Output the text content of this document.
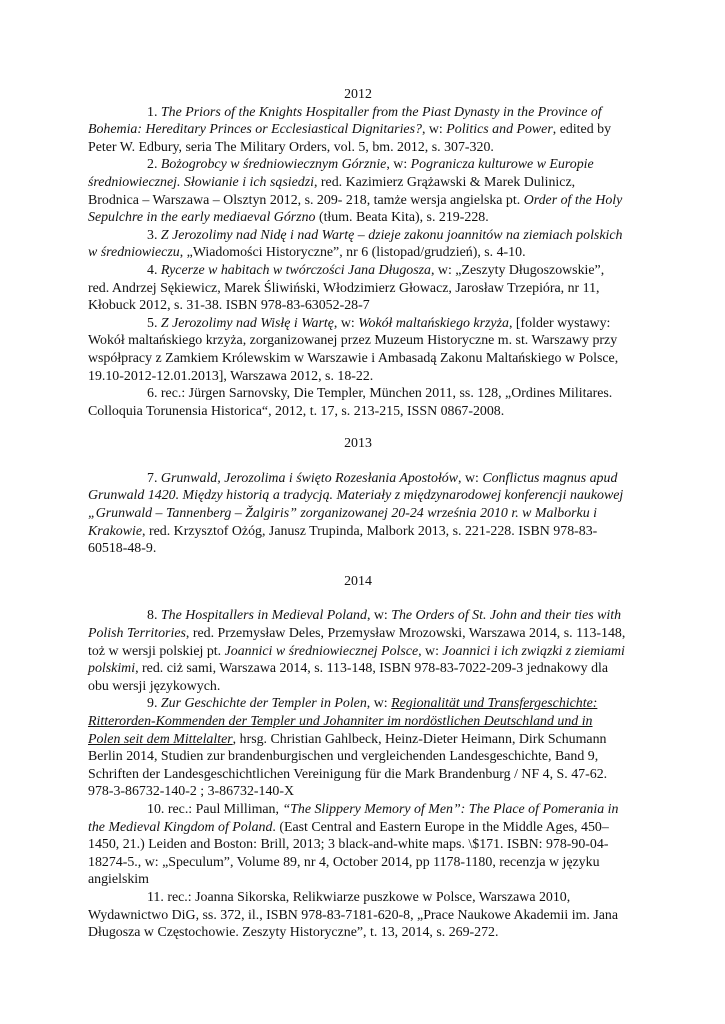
2012

1. The Priors of the Knights Hospitaller from the Piast Dynasty in the Province of Bohemia: Hereditary Princes or Ecclesiastical Dignitaries?, w: Politics and Power, edited by Peter W. Edbury, seria The Military Orders, vol. 5, bm. 2012, s. 307-320.

2. Bożogrobcy w średniowiecznym Górznie, w: Pogranicza kulturowe w Europie średniowiecznej. Słowianie i ich sąsiedzi, red. Kazimierz Grążawski & Marek Dulinicz, Brodnica – Warszawa – Olsztyn 2012, s. 209- 218, tamże wersja angielska pt. Order of the Holy Sepulchre in the early mediaeval Górzno (tłum. Beata Kita), s. 219-228.

3. Z Jerozolimy nad Nidę i nad Wartę – dzieje zakonu joannitów na ziemiach polskich w średniowieczu, „Wiadomości Historyczne”, nr 6 (listopad/grudzień), s. 4-10.

4. Rycerze w habitach w twórczości Jana Długosza, w: „Zeszyty Długoszowskie”, red. Andrzej Sękiewicz, Marek Śliwiński, Włodzimierz Głowacz, Jarosław Trzepióra, nr 11, Kłobuck 2012, s. 31-38. ISBN 978-83-63052-28-7

5. Z Jerozolimy nad Wisłę i Wartę, w: Wokół maltańskiego krzyża, [folder wystawy: Wokół maltańskiego krzyża, zorganizowanej przez Muzeum Historyczne m. st. Warszawy przy współpracy z Zamkiem Królewskim w Warszawie i Ambasadą Zakonu Maltańskiego w Polsce, 19.10-2012-12.01.2013], Warszawa 2012, s. 18-22.

6. rec.: Jürgen Sarnovsky, Die Templer, München 2011, ss. 128, „Ordines Militares. Colloquia Torunensia Historica“, 2012, t. 17, s. 213-215, ISSN 0867-2008.

2013

7. Grunwald, Jerozolima i święto Rozesłania Apostołów, w: Conflictus magnus apud Grunwald 1420. Między historią a tradycją. Materiały z międzynarodowej konferencji naukowej „Grunwald – Tannenberg – Žalgiris” zorganizowanej 20-24 września 2010 r. w Malborku i Krakowie, red. Krzysztof Ożóg, Janusz Trupinda, Malbork 2013, s. 221-228. ISBN 978-83-60518-48-9.

2014

8. The Hospitallers in Medieval Poland, w: The Orders of St. John and their ties with Polish Territories, red. Przemysław Deles, Przemysław Mrozowski, Warszawa 2014, s. 113-148, toż w wersji polskiej pt. Joannici w średniowiecznej Polsce, w: Joannici i ich związki z ziemiami polskimi, red. ciż sami, Warszawa 2014, s. 113-148, ISBN 978-83-7022-209-3 jednakowy dla obu wersji językowych.

9. Zur Geschichte der Templer in Polen, w: Regionalität und Transfergeschichte: Ritterorden-Kommenden der Templer und Johanniter im nordöstlichen Deutschland und in Polen seit dem Mittelalter, hrsg. Christian Gahlbeck, Heinz-Dieter Heimann, Dirk Schumann Berlin 2014, Studien zur brandenburgischen und vergleichenden Landesgeschichte, Band 9, Schriften der Landesgeschichtlichen Vereinigung für die Mark Brandenburg / NF 4, S. 47-62. 978-3-86732-140-2 ; 3-86732-140-X

10. rec.: Paul Milliman, “The Slippery Memory of Men”: The Place of Pomerania in the Medieval Kingdom of Poland. (East Central and Eastern Europe in the Middle Ages, 450–1450, 21.) Leiden and Boston: Brill, 2013; 3 black-and-white maps. \$171. ISBN: 978-90-04-18274-5., w: „Speculum”, Volume 89, nr 4, October 2014, pp 1178-1180, recenzja w języku angielskim

11. rec.: Joanna Sikorska, Relikwiarze puszkowe w Polsce, Warszawa 2010, Wydawnictwo DiG, ss. 372, il., ISBN 978-83-7181-620-8, „Prace Naukowe Akademii im. Jana Długosza w Częstochowie. Zeszyty Historyczne”, t. 13, 2014, s. 269-272.
